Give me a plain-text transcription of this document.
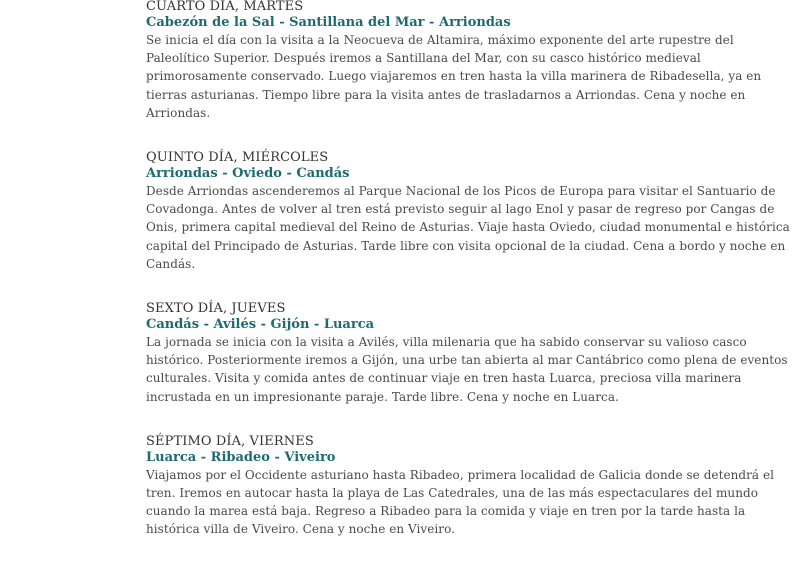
CUARTO DÍA, MARTES
Cabezón de la Sal - Santillana del Mar - Arriondas

Se inicia el día con la visita a la Neocueva de Altamira, máximo exponente del arte rupestre del Paleolítico Superior. Después iremos a Santillana del Mar, con su casco histórico medieval primorosamente conservado. Luego viajaremos en tren hasta la villa marinera de Ribadesella, ya en tierras asturianas. Tiempo libre para la visita antes de trasladarnos a Arriondas. Cena y noche en Arriondas.

QUINTO DÍA, MIÉRCOLES
Arriondas - Oviedo - Candás

Desde Arriondas ascenderemos al Parque Nacional de los Picos de Europa para visitar el Santuario de Covadonga. Antes de volver al tren está previsto seguir al lago Enol y pasar de regreso por Cangas de Onis, primera capital medieval del Reino de Asturias. Viaje hasta Oviedo, ciudad monumental e histórica capital del Principado de Asturias. Tarde libre con visita opcional de la ciudad. Cena a bordo y noche en Candás.

SEXTO DÍA, JUEVES
Candás - Avilés - Gijón - Luarca

La jornada se inicia con la visita a Avilés, villa milenaria que ha sabido conservar su valioso casco histórico. Posteriormente iremos a Gijón, una urbe tan abierta al mar Cantábrico como plena de eventos culturales. Visita y comida antes de continuar viaje en tren hasta Luarca, preciosa villa marinera incrustada en un impresionante paraje. Tarde libre. Cena y noche en Luarca.

SÉPTIMO DÍA, VIERNES
Luarca - Ribadeo - Viveiro

Viajamos por el Occidente asturiano hasta Ribadeo, primera localidad de Galicia donde se detendrá el tren. Iremos en autocar hasta la playa de Las Catedrales, una de las más espectaculares del mundo cuando la marea está baja. Regreso a Ribadeo para la comida y viaje en tren por la tarde hasta la histórica villa de Viveiro. Cena y noche en Viveiro.
